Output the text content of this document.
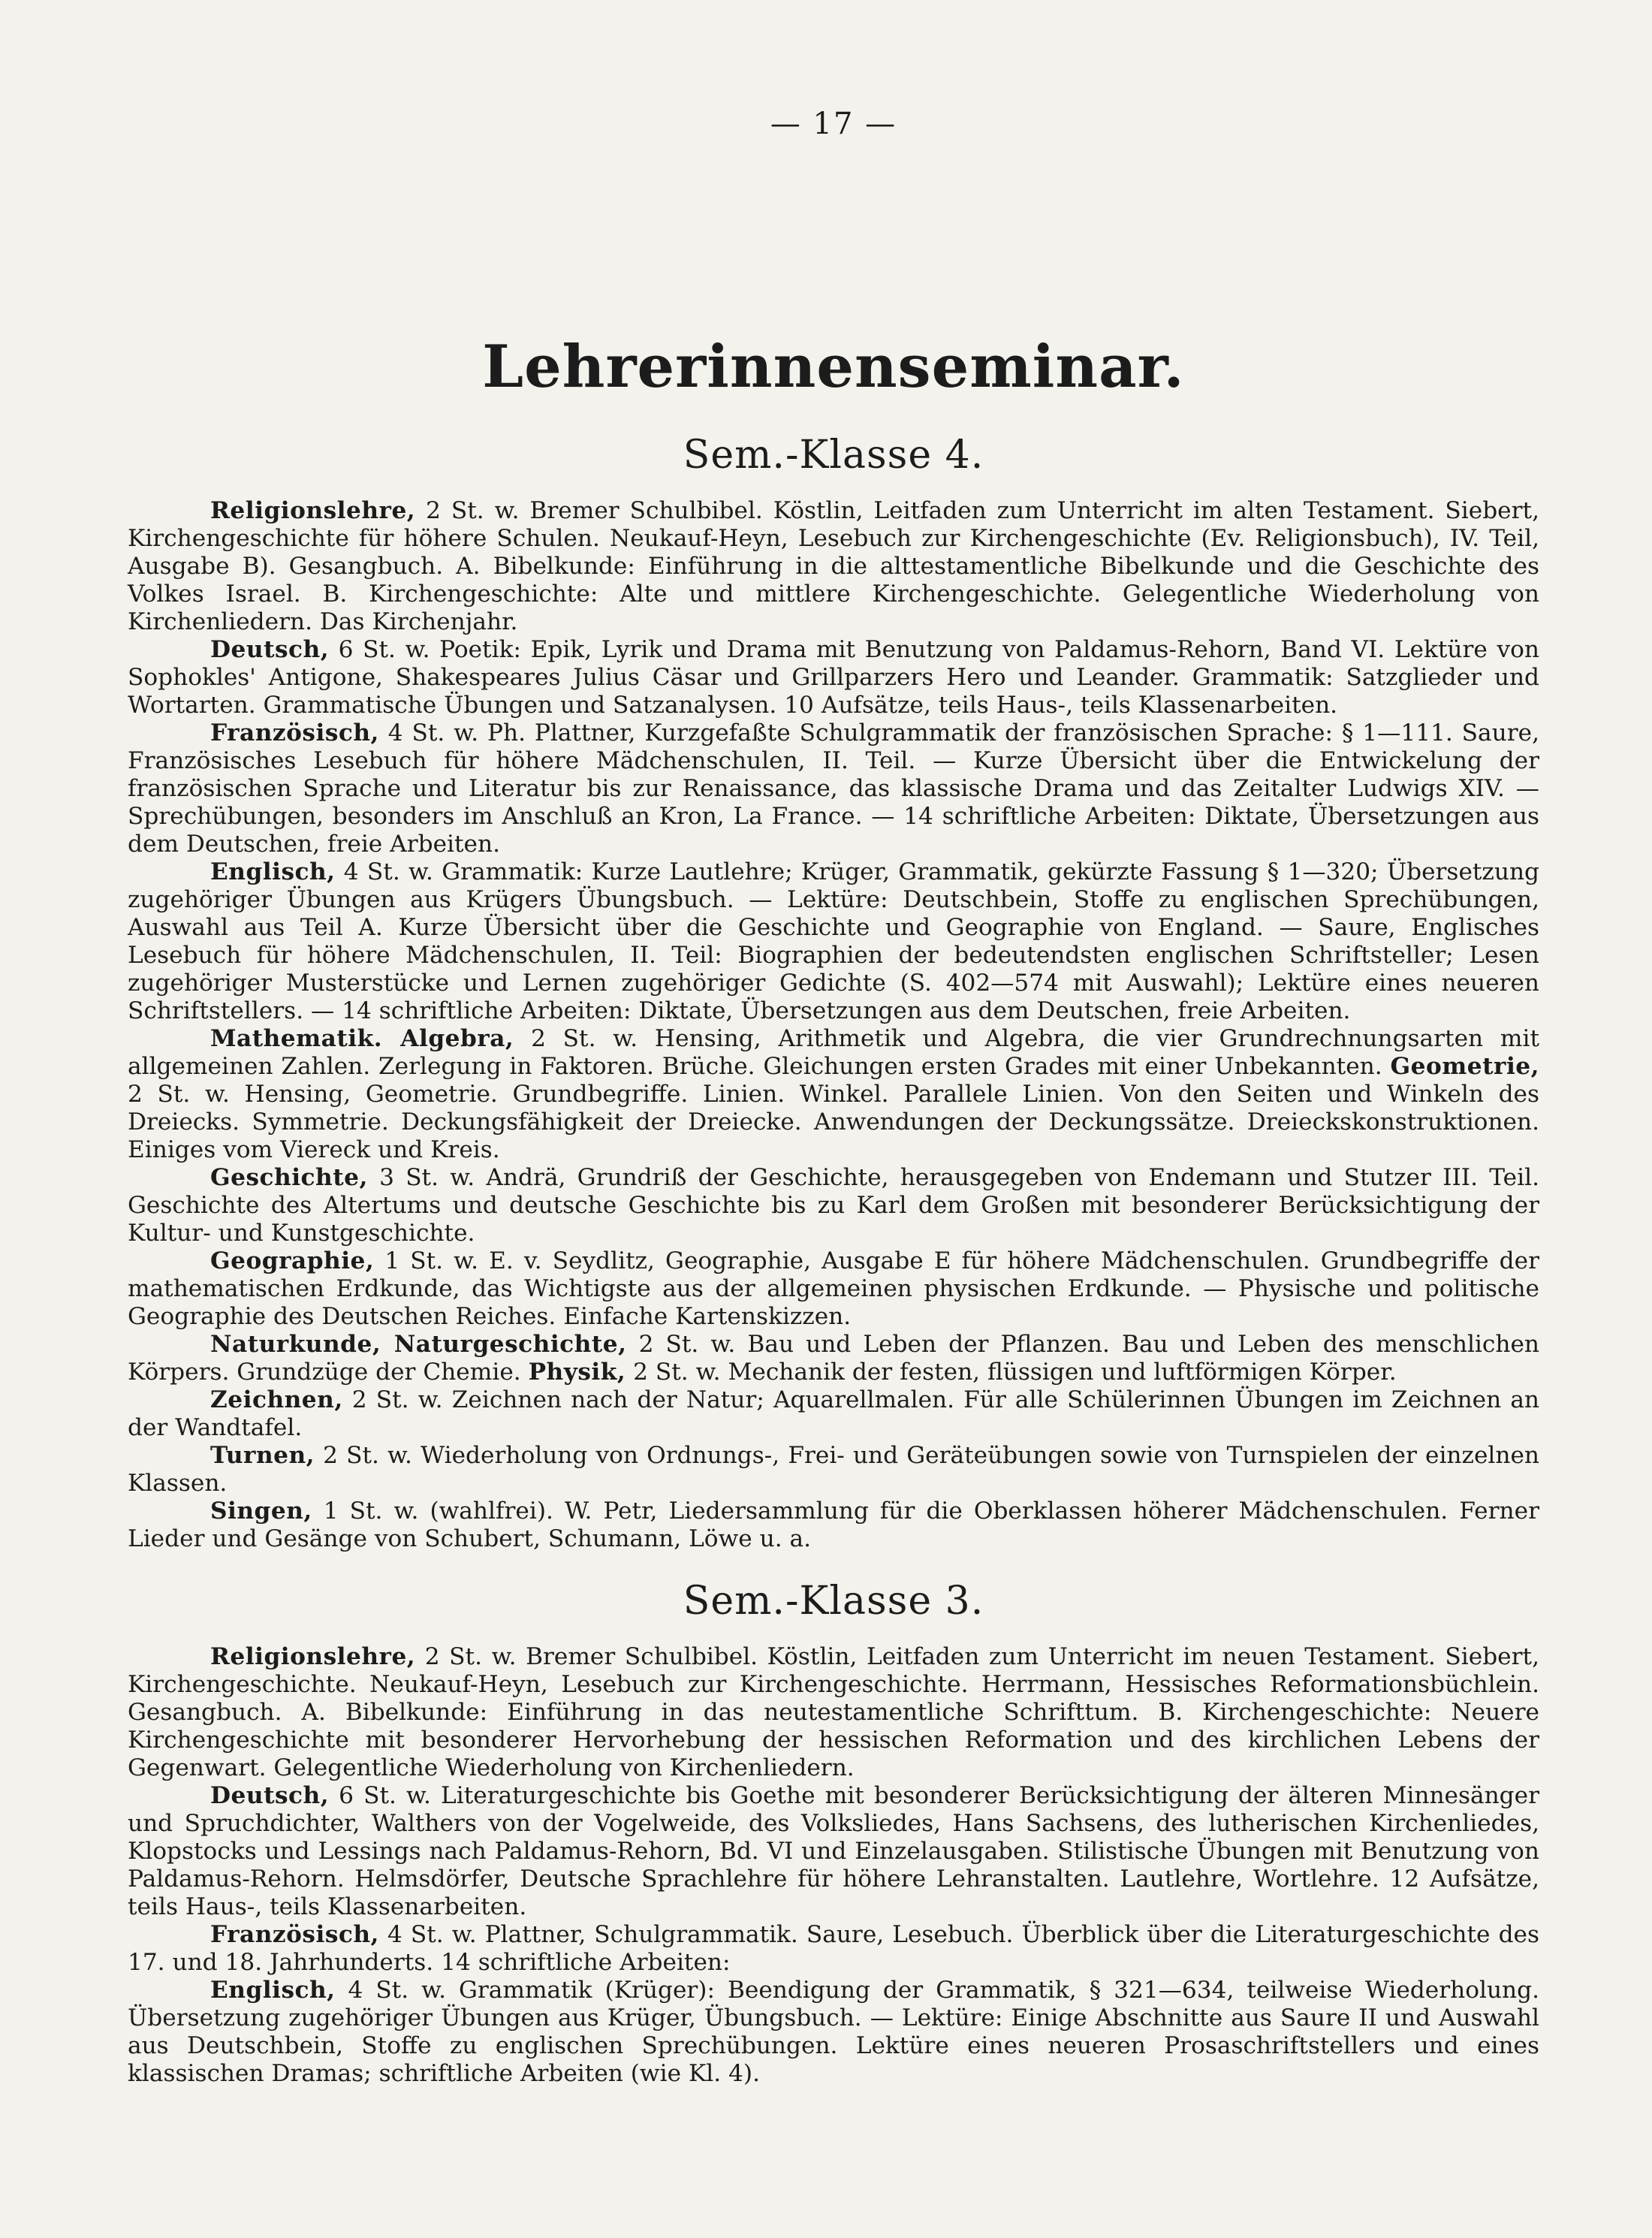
— 17 —
Lehrerinnenseminar.
Sem.-Klasse 4.

Religionslehre, 2 St. w. Bremer Schulbibel. Köstlin, Leitfaden zum Unterricht im alten Testament. Siebert, Kirchengeschichte für höhere Schulen. Neukauf-Heyn, Lesebuch zur Kirchengeschichte (Ev. Religionsbuch), IV. Teil, Ausgabe B). Gesangbuch. A. Bibelkunde: Einführung in die alttestamentliche Bibelkunde und die Geschichte des Volkes Israel. B. Kirchengeschichte: Alte und mittlere Kirchengeschichte. Gelegentliche Wiederholung von Kirchenliedern. Das Kirchenjahr.

Deutsch, 6 St. w. Poetik: Epik, Lyrik und Drama mit Benutzung von Paldamus-Rehorn, Band VI. Lektüre von Sophokles' Antigone, Shakespeares Julius Cäsar und Grillparzers Hero und Leander. Grammatik: Satzglieder und Wortarten. Grammatische Übungen und Satzanalysen. 10 Aufsätze, teils Haus-, teils Klassenarbeiten.

Französisch, 4 St. w. Ph. Plattner, Kurzgefaßte Schulgrammatik der französischen Sprache: § 1—111. Saure, Französisches Lesebuch für höhere Mädchenschulen, II. Teil. — Kurze Übersicht über die Entwickelung der französischen Sprache und Literatur bis zur Renaissance, das klassische Drama und das Zeitalter Ludwigs XIV. — Sprechübungen, besonders im Anschluß an Kron, La France. — 14 schriftliche Arbeiten: Diktate, Übersetzungen aus dem Deutschen, freie Arbeiten.

Englisch, 4 St. w. Grammatik: Kurze Lautlehre; Krüger, Grammatik, gekürzte Fassung § 1—320; Übersetzung zugehöriger Übungen aus Krügers Übungsbuch. — Lektüre: Deutschbein, Stoffe zu englischen Sprechübungen, Auswahl aus Teil A. Kurze Übersicht über die Geschichte und Geographie von England. — Saure, Englisches Lesebuch für höhere Mädchenschulen, II. Teil: Biographien der bedeutendsten englischen Schriftsteller; Lesen zugehöriger Musterstücke und Lernen zugehöriger Gedichte (S. 402—574 mit Auswahl); Lektüre eines neueren Schriftstellers. — 14 schriftliche Arbeiten: Diktate, Übersetzungen aus dem Deutschen, freie Arbeiten.

Mathematik. Algebra, 2 St. w. Hensing, Arithmetik und Algebra, die vier Grundrechnungsarten mit allgemeinen Zahlen. Zerlegung in Faktoren. Brüche. Gleichungen ersten Grades mit einer Unbekannten. Geometrie, 2 St. w. Hensing, Geometrie. Grundbegriffe. Linien. Winkel. Parallele Linien. Von den Seiten und Winkeln des Dreiecks. Symmetrie. Deckungsfähigkeit der Dreiecke. Anwendungen der Deckungssätze. Dreieckskonstruktionen. Einiges vom Viereck und Kreis.

Geschichte, 3 St. w. Andrä, Grundriß der Geschichte, herausgegeben von Endemann und Stutzer III. Teil. Geschichte des Altertums und deutsche Geschichte bis zu Karl dem Großen mit besonderer Berücksichtigung der Kultur- und Kunstgeschichte.

Geographie, 1 St. w. E. v. Seydlitz, Geographie, Ausgabe E für höhere Mädchenschulen. Grundbegriffe der mathematischen Erdkunde, das Wichtigste aus der allgemeinen physischen Erdkunde. — Physische und politische Geographie des Deutschen Reiches. Einfache Kartenskizzen.

Naturkunde, Naturgeschichte, 2 St. w. Bau und Leben der Pflanzen. Bau und Leben des menschlichen Körpers. Grundzüge der Chemie. Physik, 2 St. w. Mechanik der festen, flüssigen und luftförmigen Körper.

Zeichnen, 2 St. w. Zeichnen nach der Natur; Aquarellmalen. Für alle Schülerinnen Übungen im Zeichnen an der Wandtafel.

Turnen, 2 St. w. Wiederholung von Ordnungs-, Frei- und Geräteübungen sowie von Turnspielen der einzelnen Klassen.

Singen, 1 St. w. (wahlfrei). W. Petr, Liedersammlung für die Oberklassen höherer Mädchenschulen. Ferner Lieder und Gesänge von Schubert, Schumann, Löwe u. a.

Sem.-Klasse 3.

Religionslehre, 2 St. w. Bremer Schulbibel. Köstlin, Leitfaden zum Unterricht im neuen Testament. Siebert, Kirchengeschichte. Neukauf-Heyn, Lesebuch zur Kirchengeschichte. Herrmann, Hessisches Reformationsbüchlein. Gesangbuch. A. Bibelkunde: Einführung in das neutestamentliche Schrifttum. B. Kirchengeschichte: Neuere Kirchengeschichte mit besonderer Hervorhebung der hessischen Reformation und des kirchlichen Lebens der Gegenwart. Gelegentliche Wiederholung von Kirchenliedern.

Deutsch, 6 St. w. Literaturgeschichte bis Goethe mit besonderer Berücksichtigung der älteren Minnesänger und Spruchdichter, Walthers von der Vogelweide, des Volksliedes, Hans Sachsens, des lutherischen Kirchenliedes, Klopstocks und Lessings nach Paldamus-Rehorn, Bd. VI und Einzelausgaben. Stilistische Übungen mit Benutzung von Paldamus-Rehorn. Helmsdörfer, Deutsche Sprachlehre für höhere Lehranstalten. Lautlehre, Wortlehre. 12 Aufsätze, teils Haus-, teils Klassenarbeiten.

Französisch, 4 St. w. Plattner, Schulgrammatik. Saure, Lesebuch. Überblick über die Literaturgeschichte des 17. und 18. Jahrhunderts. 14 schriftliche Arbeiten:

Englisch, 4 St. w. Grammatik (Krüger): Beendigung der Grammatik, § 321—634, teilweise Wiederholung. Übersetzung zugehöriger Übungen aus Krüger, Übungsbuch. — Lektüre: Einige Abschnitte aus Saure II und Auswahl aus Deutschbein, Stoffe zu englischen Sprechübungen. Lektüre eines neueren Prosaschriftstellers und eines klassischen Dramas; schriftliche Arbeiten (wie Kl. 4).
